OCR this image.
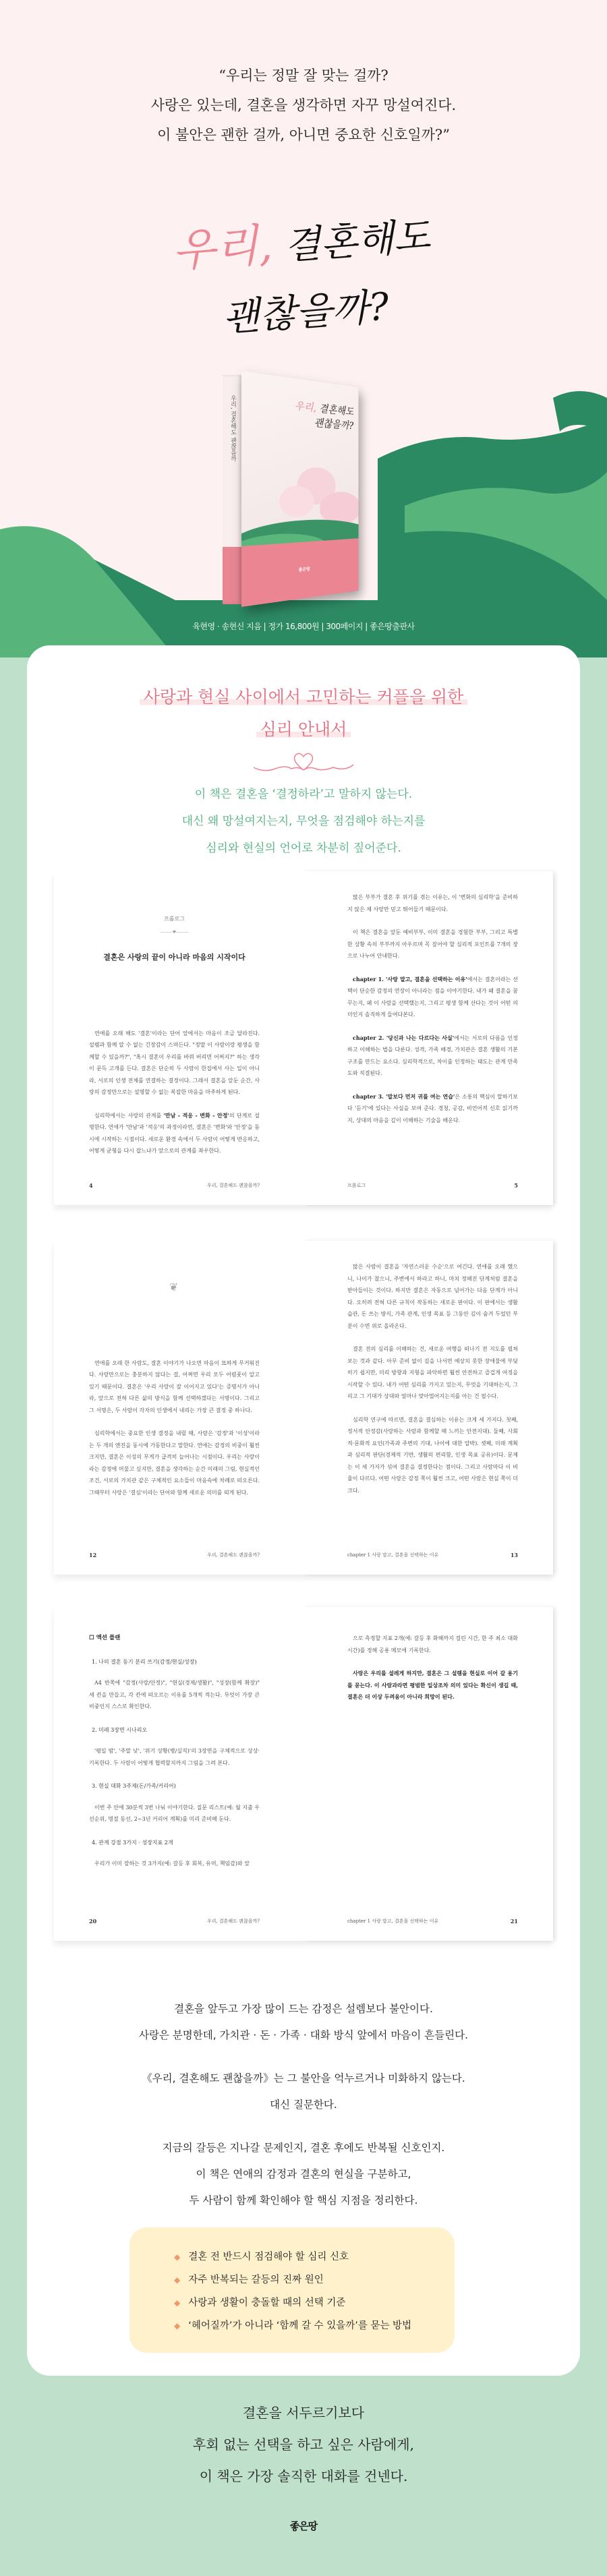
“우리는 정말 잘 맞는 걸까?
사랑은 있는데, 결혼을 생각하면 자꾸 망설여진다.
이 불안은 괜한 걸까, 아니면 중요한 신호일까?”
우리, 결혼해도
괜찮을까?
우리, 결혼해도 괜찮을까	우리, 결혼해도
괜찮을까?
좋은땅
육현영 · 송현신 지음 | 정가 16,800원 | 300페이지 | 좋은땅출판사
사랑과 현실 사이에서 고민하는 커플을 위한
심리 안내서
이 책은 결혼을 ‘결정하라’고 말하지 않는다.
대신 왜 망설여지는지, 무엇을 점검해야 하는지를
심리와 현실의 언어로 차분히 짚어준다.
프롤로그
———♥———
결혼은 사랑의 끝이 아니라 마음의 시작이다

연애를 오래 해도 '결혼'이라는 단어 앞에서는 마음이 조금 달라진다. 설렘과 함께 알 수 없는 긴장감이 스며든다. "정말 이 사람이랑 평생을 함께할 수 있을까?", "혹시 결혼이 우리를 바꿔 버리면 어쩌지?" 하는 생각이 문득 고개를 든다. 결혼은 단순히 두 사람이 한집에서 사는 일이 아니라, 서로의 인생 전체를 연결하는 결정이다. 그래서 결혼을 앞둔 순간, 사랑의 감정만으로는 설명할 수 없는 복잡한 마음을 마주하게 된다.

심리학에서는 사랑의 관계를 '만남 - 적응 - 변화 - 안정'의 단계로 설명한다. 연애가 '만남'과 '적응'의 과정이라면, 결혼은 '변화'와 '안정'을 동시에 시작하는 시점이다. 새로운 환경 속에서 두 사람이 어떻게 반응하고, 어떻게 균형을 다시 잡느냐가 앞으로의 관계를 좌우한다.

4	우리, 결혼해도 괜찮을까?

많은 부부가 결혼 후 위기를 겪는 이유는, 이 '변화의 심리학'을 준비하지 않은 채 사랑만 믿고 뛰어들기 때문이다.

이 책은 결혼을 앞둔 예비부부, 이미 결혼을 경험한 부부, 그리고 특별한 상황 속의 부부까지 아우르며 꼭 짚어야 할 심리적 포인트를 7개의 장으로 나누어 안내한다.

chapter 1. '사랑 말고, 결혼을 선택하는 이유'에서는 결혼이라는 선택이 단순한 감정의 연장이 아니라는 점을 이야기한다. 내가 왜 결혼을 꿈꾸는지, 왜 이 사람을 선택했는지, 그리고 평생 함께 산다는 것이 어떤 의미인지 솔직하게 들여다본다.

chapter 2. '당신과 나는 다르다는 사실'에서는 서로의 다름을 인정하고 이해하는 법을 다룬다. 성격, 가족 배경, 가치관은 결혼 생활의 기본 구조를 만드는 요소다. 심리학적으로, 차이를 인정하는 태도는 관계 만족도와 직결된다.

chapter 3. '말보다 먼저 귀를 여는 연습'은 소통의 핵심이 말하기보다 '듣기'에 있다는 사실을 보여 준다. 경청, 공감, 비언어적 신호 읽기까지, 상대의 마음을 깊이 이해하는 기술을 배운다.

프롤로그	5
❦

연애를 오래 한 사람도, 결혼 이야기가 나오면 마음이 묘하게 무거워진다. 사랑만으로는 충분하지 않다는 걸, 어쩌면 우리 모두 어렴풋이 알고 있기 때문이다. 결혼은 '우리 사랑이 잘 이어지고 있다'는 증명서가 아니라, 앞으로 전혀 다른 삶의 방식을 함께 선택하겠다는 서명이다. 그리고 그 서명은, 두 사람이 각자의 인생에서 내리는 가장 큰 결정 중 하나다.

심리학에서는 중요한 인생 결정을 내릴 때, 사람은 '감정'과 '이성'이라는 두 개의 엔진을 동시에 가동한다고 말한다. 연애는 감정의 비중이 훨씬 크지만, 결혼은 이성의 무게가 급격히 늘어나는 시점이다. 우리는 사랑이라는 감정에 머물고 싶지만, 결혼을 생각하는 순간 미래의 그림, 현실적인 조건, 서로의 가치관 같은 구체적인 요소들이 마음속에 차례로 떠오른다. 그때부터 사랑은 '결심'이라는 단어와 함께 새로운 의미를 띠게 된다.

12	우리, 결혼해도 괜찮을까?

많은 사람이 결혼을 '자연스러운 수순'으로 여긴다. 연애를 오래 했으니, 나이가 찼으니, 주변에서 하라고 하니, 마치 정해진 단계처럼 결혼을 받아들이는 것이다. 하지만 결혼은 자동으로 넘어가는 다음 단계가 아니다. 오히려 전혀 다른 규칙이 작동하는 새로운 판이다. 이 판에서는 생활 습관, 돈 쓰는 방식, 가족 관계, 인생 목표 등 그동안 깊이 숨겨 두었던 부분이 수면 위로 올라온다.

결혼 전의 심리를 이해하는 건, 새로운 여행을 떠나기 전 지도를 펼쳐 보는 것과 같다. 아무 준비 없이 길을 나서면 예상치 못한 장애물에 부딪히기 쉽지만, 미리 방향과 지형을 파악하면 훨씬 안전하고 즐겁게 여정을 시작할 수 있다. 내가 어떤 심리를 가지고 있는지, 무엇을 기대하는지, 그리고 그 기대가 상대와 얼마나 맞아떨어지는지를 아는 건 필수다.

심리학 연구에 따르면, 결혼을 결심하는 이유는 크게 세 가지다. 첫째, 정서적 안정감(사랑하는 사람과 함께할 때 느끼는 안전지대). 둘째, 사회적·문화적 요인(가족과 주변의 기대, 나이에 대한 압박). 셋째, 미래 계획과 심리적 판단(경제적 기반, 생활의 편리함, 인생 목표 공유)이다. 문제는 이 세 가지가 섞여 결혼을 결정한다는 점이다. 그리고 사람마다 이 비율이 다르다. 어떤 사람은 감정 쪽이 훨씬 크고, 어떤 사람은 현실 쪽이 더 크다.

chapter 1 사랑 말고, 결혼을 선택하는 이유	13

☐ 액션 플랜

1. 나의 결혼 동기 분리 쓰기(감정/현실/성장)

A4 반쪽에 "감정(사랑/안정)", "현실(경제/생활)", "성장(함께 확장)" 세 칸을 만들고, 각 칸에 떠오르는 이유를 5개씩 적는다. 무엇이 가장 큰 비중인지 스스로 확인한다.

2. 미래 3장면 시나리오

'평일 밤', '주말 낮', '위기 상황(병/실직)'의 3장면을 구체적으로 상상·기록한다. 두 사람이 어떻게 협력할지까지 그림을 그려 본다.

3. 현실 대화 3주제(돈/가족/커리어)

이번 주 안에 30분씩 3번 나눠 이야기한다. 질문 리스트(예: 월 지출 우선순위, 명절 동선, 2~3년 커리어 계획)를 미리 준비해 둔다.

4. 관계 강점 3가지 · 성장지표 2개

우리가 이미 잘하는 것 3가지(예: 갈등 후 회복, 유머, 책임감)와 앞

20	우리, 결혼해도 괜찮을까?

으로 측정할 지표 2개(예: 갈등 후 화해까지 걸린 시간, 한 주 최소 대화 시간)를 정해 공용 메모에 기록한다.

사랑은 우리를 설레게 하지만, 결혼은 그 설렘을 현실로 이어 갈 용기를 묻는다. 이 사람과라면 평범한 일상조차 의미 있다는 확신이 생길 때, 결혼은 더 이상 두려움이 아니라 희망이 된다.

chapter 1 사랑 말고, 결혼을 선택하는 이유	21
결혼을 앞두고 가장 많이 드는 감정은 설렘보다 불안이다.
사랑은 분명한데, 가치관 · 돈 · 가족 · 대화 방식 앞에서 마음이 흔들린다.
《우리, 결혼해도 괜찮을까》는 그 불안을 억누르거나 미화하지 않는다.
대신 질문한다.
지금의 갈등은 지나갈 문제인지, 결혼 후에도 반복될 신호인지.
이 책은 연애의 감정과 결혼의 현실을 구분하고,
두 사람이 함께 확인해야 할 핵심 지점을 정리한다.
◆ 결혼 전 반드시 점검해야 할 심리 신호
◆ 자주 반복되는 갈등의 진짜 원인
◆ 사랑과 생활이 충돌할 때의 선택 기준
◆ ‘헤어질까’가 아니라 ‘함께 갈 수 있을까’를 묻는 방법
결혼을 서두르기보다
후회 없는 선택을 하고 싶은 사람에게,
이 책은 가장 솔직한 대화를 건넨다.
좋은땅
